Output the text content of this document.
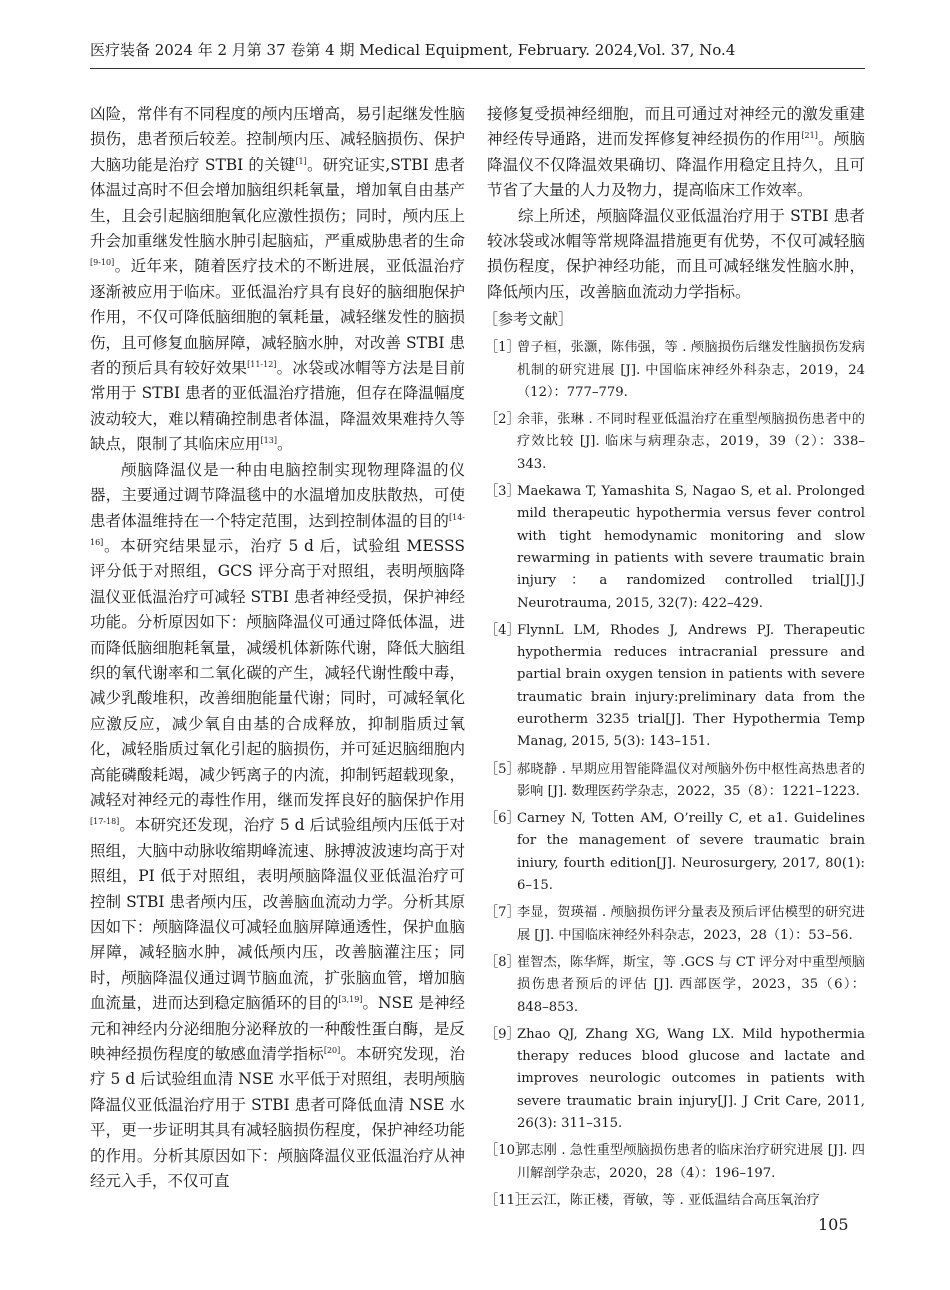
医疗装备 2024 年 2 月第 37 卷第 4 期 Medical Equipment, February. 2024,Vol. 37, No.4

凶险，常伴有不同程度的颅内压增高，易引起继发性脑损伤，患者预后较差。控制颅内压、减轻脑损伤、保护大脑功能是治疗 STBI 的关键[1]。研究证实,STBI 患者体温过高时不但会增加脑组织耗氧量，增加氧自由基产生，且会引起脑细胞氧化应激性损伤；同时，颅内压上升会加重继发性脑水肿引起脑疝，严重威胁患者的生命[9-10]。近年来，随着医疗技术的不断进展，亚低温治疗逐渐被应用于临床。亚低温治疗具有良好的脑细胞保护作用，不仅可降低脑细胞的氧耗量，减轻继发性的脑损伤，且可修复血脑屏障，减轻脑水肿，对改善 STBI 患者的预后具有较好效果[11-12]。冰袋或冰帽等方法是目前常用于 STBI 患者的亚低温治疗措施，但存在降温幅度波动较大，难以精确控制患者体温，降温效果难持久等缺点，限制了其临床应用[13]。

颅脑降温仪是一种由电脑控制实现物理降温的仪器，主要通过调节降温毯中的水温增加皮肤散热，可使患者体温维持在一个特定范围，达到控制体温的目的[14-16]。本研究结果显示，治疗 5 d 后，试验组 MESSS 评分低于对照组，GCS 评分高于对照组，表明颅脑降温仪亚低温治疗可减轻 STBI 患者神经受损，保护神经功能。分析原因如下：颅脑降温仪可通过降低体温，进而降低脑细胞耗氧量，减缓机体新陈代谢，降低大脑组织的氧代谢率和二氧化碳的产生，减轻代谢性酸中毒，减少乳酸堆积，改善细胞能量代谢；同时，可减轻氧化应激反应，减少氧自由基的合成释放，抑制脂质过氧化，减轻脂质过氧化引起的脑损伤，并可延迟脑细胞内高能磷酸耗竭，减少钙离子的内流，抑制钙超载现象，减轻对神经元的毒性作用，继而发挥良好的脑保护作用[17-18]。本研究还发现，治疗 5 d 后试验组颅内压低于对照组，大脑中动脉收缩期峰流速、脉搏波波速均高于对照组，PI 低于对照组，表明颅脑降温仪亚低温治疗可控制 STBI 患者颅内压，改善脑血流动力学。分析其原因如下：颅脑降温仪可减轻血脑屏障通透性，保护血脑屏障，减轻脑水肿，减低颅内压，改善脑灌注压；同时，颅脑降温仪通过调节脑血流，扩张脑血管，增加脑血流量，进而达到稳定脑循环的目的[3,19]。NSE 是神经元和神经内分泌细胞分泌释放的一种酸性蛋白酶，是反映神经损伤程度的敏感血清学指标[20]。本研究发现，治疗 5 d 后试验组血清 NSE 水平低于对照组，表明颅脑降温仪亚低温治疗用于 STBI 患者可降低血清 NSE 水平，更一步证明其具有减轻脑损伤程度，保护神经功能的作用。分析其原因如下：颅脑降温仪亚低温治疗从神经元入手，不仅可直

接修复受损神经细胞，而且可通过对神经元的激发重建神经传导通路，进而发挥修复神经损伤的作用[21]。颅脑降温仪不仅降温效果确切、降温作用稳定且持久，且可节省了大量的人力及物力，提高临床工作效率。

综上所述，颅脑降温仪亚低温治疗用于 STBI 患者较冰袋或冰帽等常规降温措施更有优势，不仅可减轻脑损伤程度，保护神经功能，而且可减轻继发性脑水肿，降低颅内压，改善脑血流动力学指标。

［参考文献］
［1］
曾子桓，张灏，陈伟强，等 . 颅脑损伤后继发性脑损伤发病机制的研究进展 [J]. 中国临床神经外科杂志，2019，24（12）：777–779.
［2］
余菲，张琳 . 不同时程亚低温治疗在重型颅脑损伤患者中的疗效比较 [J]. 临床与病理杂志，2019，39（2）：338–343.
［3］
Maekawa T, Yamashita S, Nagao S, et al. Prolonged mild therapeutic hypothermia versus fever control with tight hemodynamic monitoring and slow rewarming in patients with severe traumatic brain injury：a randomized controlled trial[J].J Neurotrauma, 2015, 32(7): 422–429.
［4］
FlynnL LM, Rhodes J, Andrews PJ. Therapeutic hypothermia reduces intracranial pressure and partial brain oxygen tension in patients with severe traumatic brain injury:preliminary data from the eurotherm 3235 trial[J]. Ther Hypothermia Temp Manag, 2015, 5(3): 143–151.
［5］
郝晓静 . 早期应用智能降温仪对颅脑外伤中枢性高热患者的影响 [J]. 数理医药学杂志，2022，35（8）：1221–1223.
［6］
Carney N, Totten AM, O’reilly C, et a1. Guidelines for the management of severe traumatic brain iniury, fourth edition[J]. Neurosurgery, 2017, 80(1): 6–15.
［7］
李显，贺瑛福 . 颅脑损伤评分量表及预后评估模型的研究进展 [J]. 中国临床神经外科杂志，2023，28（1）：53–56.
［8］
崔智杰，陈华辉，斯宝，等 .GCS 与 CT 评分对中重型颅脑损伤患者预后的评估 [J]. 西部医学，2023，35（6）：848–853.
［9］
Zhao QJ, Zhang XG, Wang LX. Mild hypothermia therapy reduces blood glucose and lactate and improves neurologic outcomes in patients with severe traumatic brain injury[J]. J Crit Care, 2011, 26(3): 311–315.
［10］
郭志刚 . 急性重型颅脑损伤患者的临床治疗研究进展 [J]. 四川解剖学杂志，2020，28（4）：196–197.
［11］
王云江，陈正楼，胥敏，等 . 亚低温结合高压氧治疗
105
